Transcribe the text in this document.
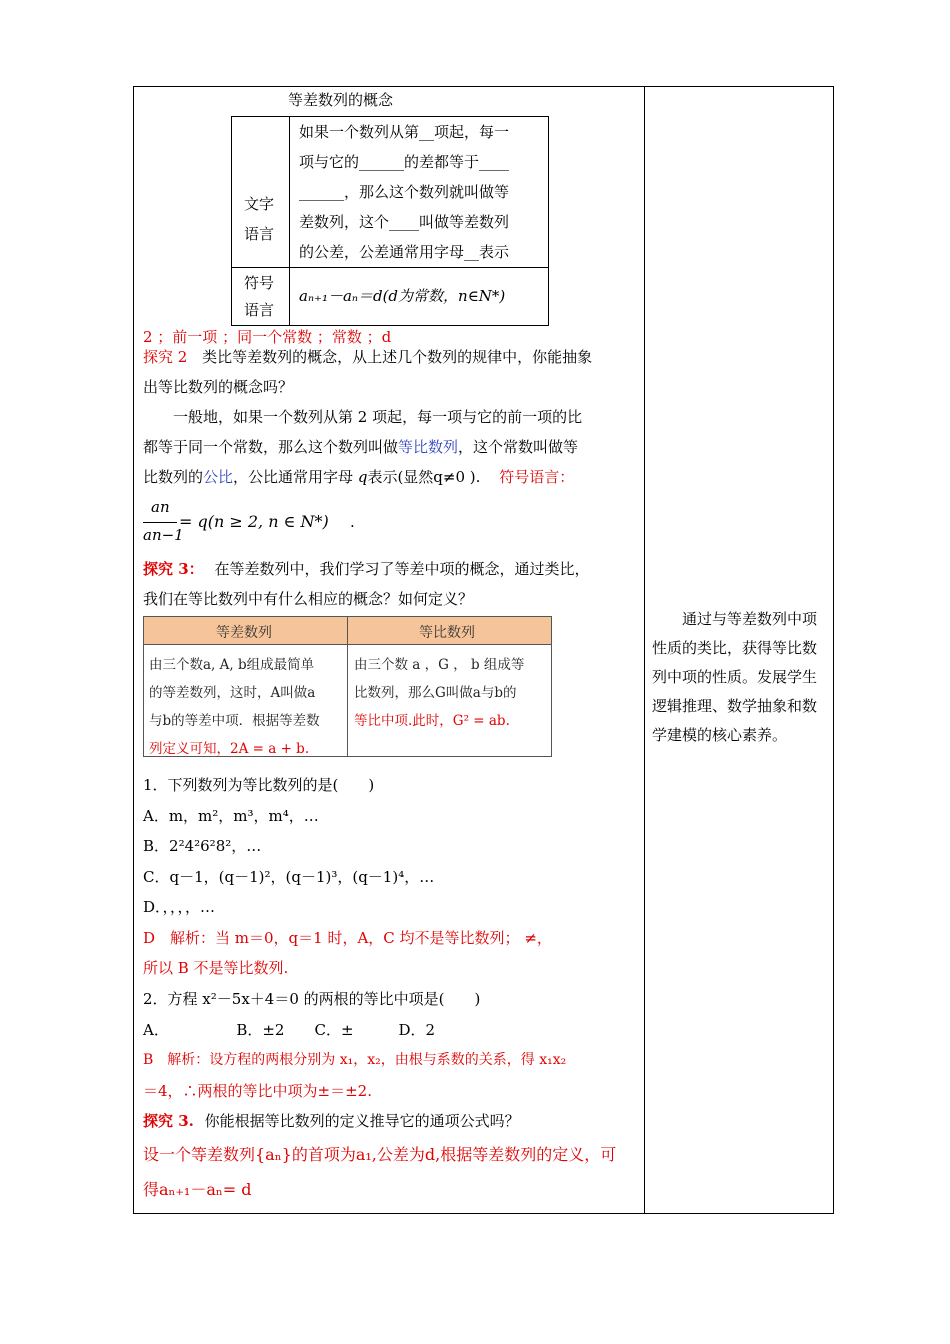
等差数列的概念
文字语言
如果一个数列从第__项起，每一
项与它的______的差都等于____
______，那么这个数列就叫做等
差数列，这个____叫做等差数列
的公差，公差通常用字母__表示
符号语言
aₙ₊₁－aₙ＝d(d为常数，n∈N*)
2 ；前一项 ；同一个常数 ；常数 ；d
探究 2 类比等差数列的概念，从上述几个数列的规律中，你能抽象
出等比数列的概念吗？
一般地，如果一个数列从第 2 项起，每一项与它的前一项的比
都等于同一个常数，那么这个数列叫做等比数列，这个常数叫做等
比数列的公比，公比通常用字母 q表示(显然q≠0 ). 符号语言：
an
an−1
= q(n ≥ 2, n ∈ N*) .
探究 3： 在等差数列中，我们学习了等差中项的概念，通过类比，
我们在等比数列中有什么相应的概念？如何定义？
等差数列	等比数列
由三个数a, A, b组成最简单
的等差数列，这时，A叫做a
与b的等差中项．根据等差数
列定义可知，2A = a + b.
由三个数 a ，G ， b 组成等
比数列，那么G叫做a与b的
等比中项.此时，G² = ab.
1．下列数列为等比数列的是(　　)
A．m，m²，m³，m⁴，…
B．2²4²6²8²，…
C．q－1，(q－1)²，(q－1)³，(q－1)⁴，…
D．，，，，…
D　解析：当 m＝0，q＝1 时，A，C 均不是等比数列； ≠，
所以 B 不是等比数列.
2．方程 x²－5x＋4＝0 的两根的等比中项是(　　)
A．　　　　　B．±2　　C．±　　　D．2
B　解析：设方程的两根分别为 x₁，x₂，由根与系数的关系，得 x₁x₂
＝4，∴两根的等比中项为±＝±2.
探究 3. 你能根据等比数列的定义推导它的通项公式吗？
设一个等差数列{aₙ}的首项为a₁,公差为d,根据等差数列的定义，可
得aₙ₊₁－aₙ= d
通过与等差数列中项性质的类比，获得等比数列中项的性质。发展学生逻辑推理、数学抽象和数学建模的核心素养。
